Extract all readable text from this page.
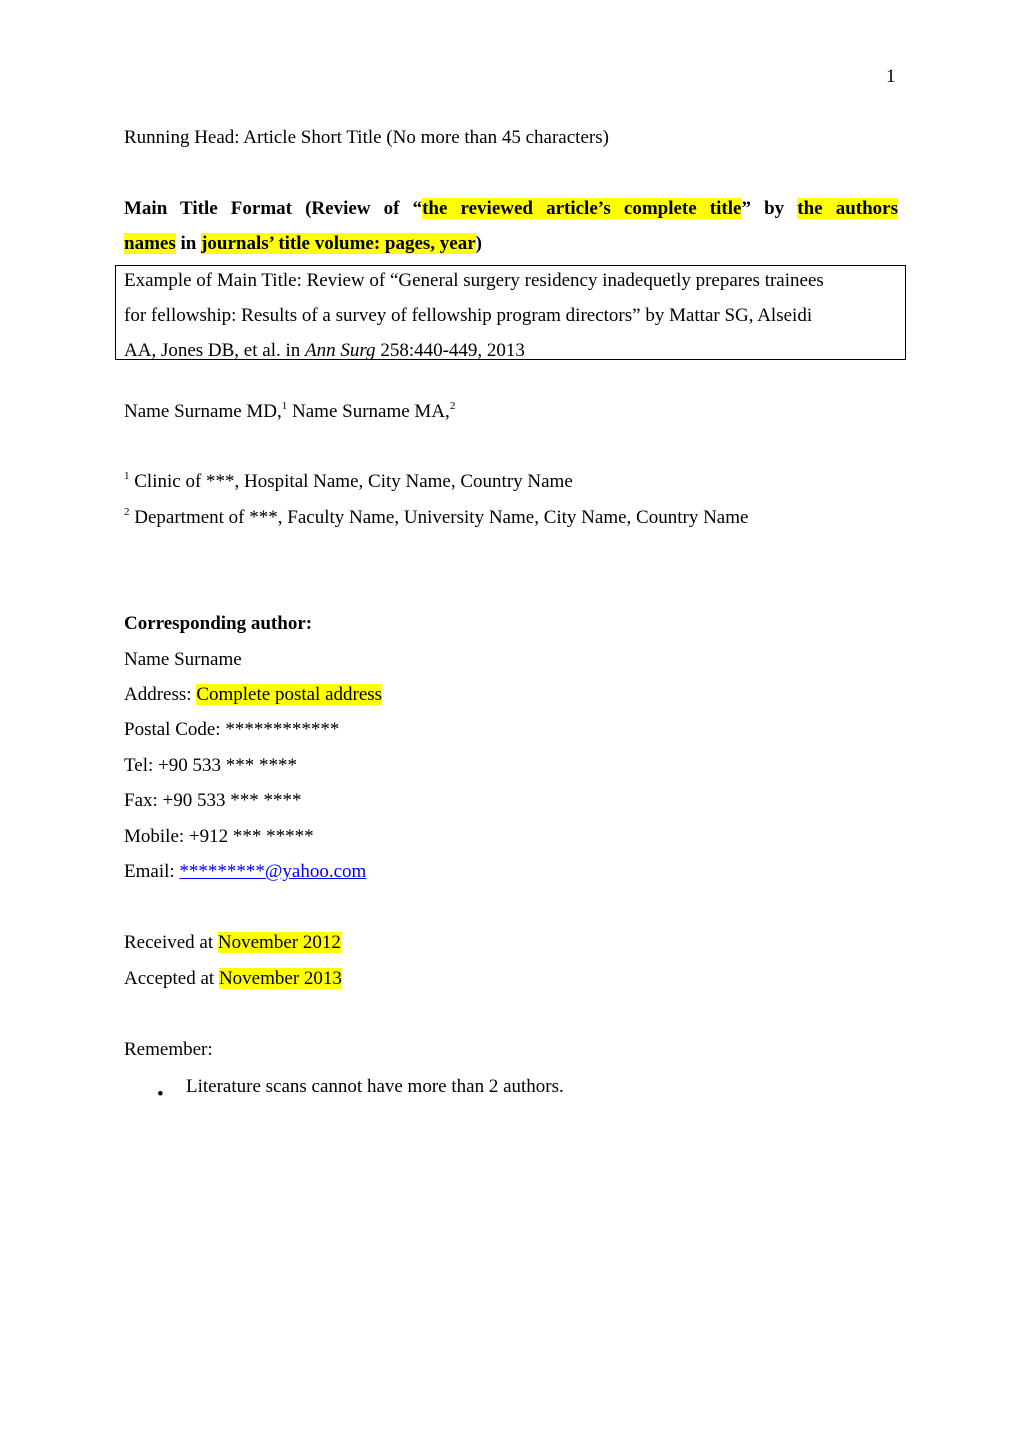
1
Running Head: Article Short Title (No more than 45 characters)
Main Title Format (Review of “the reviewed article’s complete title” by the authors
names in journals’ title volume: pages, year)
Example of Main Title: Review of “General surgery residency inadequetly prepares trainees
for fellowship: Results of a survey of fellowship program directors” by Mattar SG, Alseidi
AA, Jones DB, et al. in Ann Surg 258:440-449, 2013
Name Surname MD,$^1$ Name Surname MA,$^2$
$^1$ Clinic of ***, Hospital Name, City Name, Country Name
$^2$ Department of ***, Faculty Name, University Name, City Name, Country Name
Corresponding author:
Name Surname
Address: Complete postal address
Postal Code: ************
Tel: +90 533 *** ****
Fax: +90 533 *** ****
Mobile: +912 *** *****
Email: *********@yahoo.com
Received at November 2012
Accepted at November 2013
Remember:
• Literature scans cannot have more than 2 authors.
